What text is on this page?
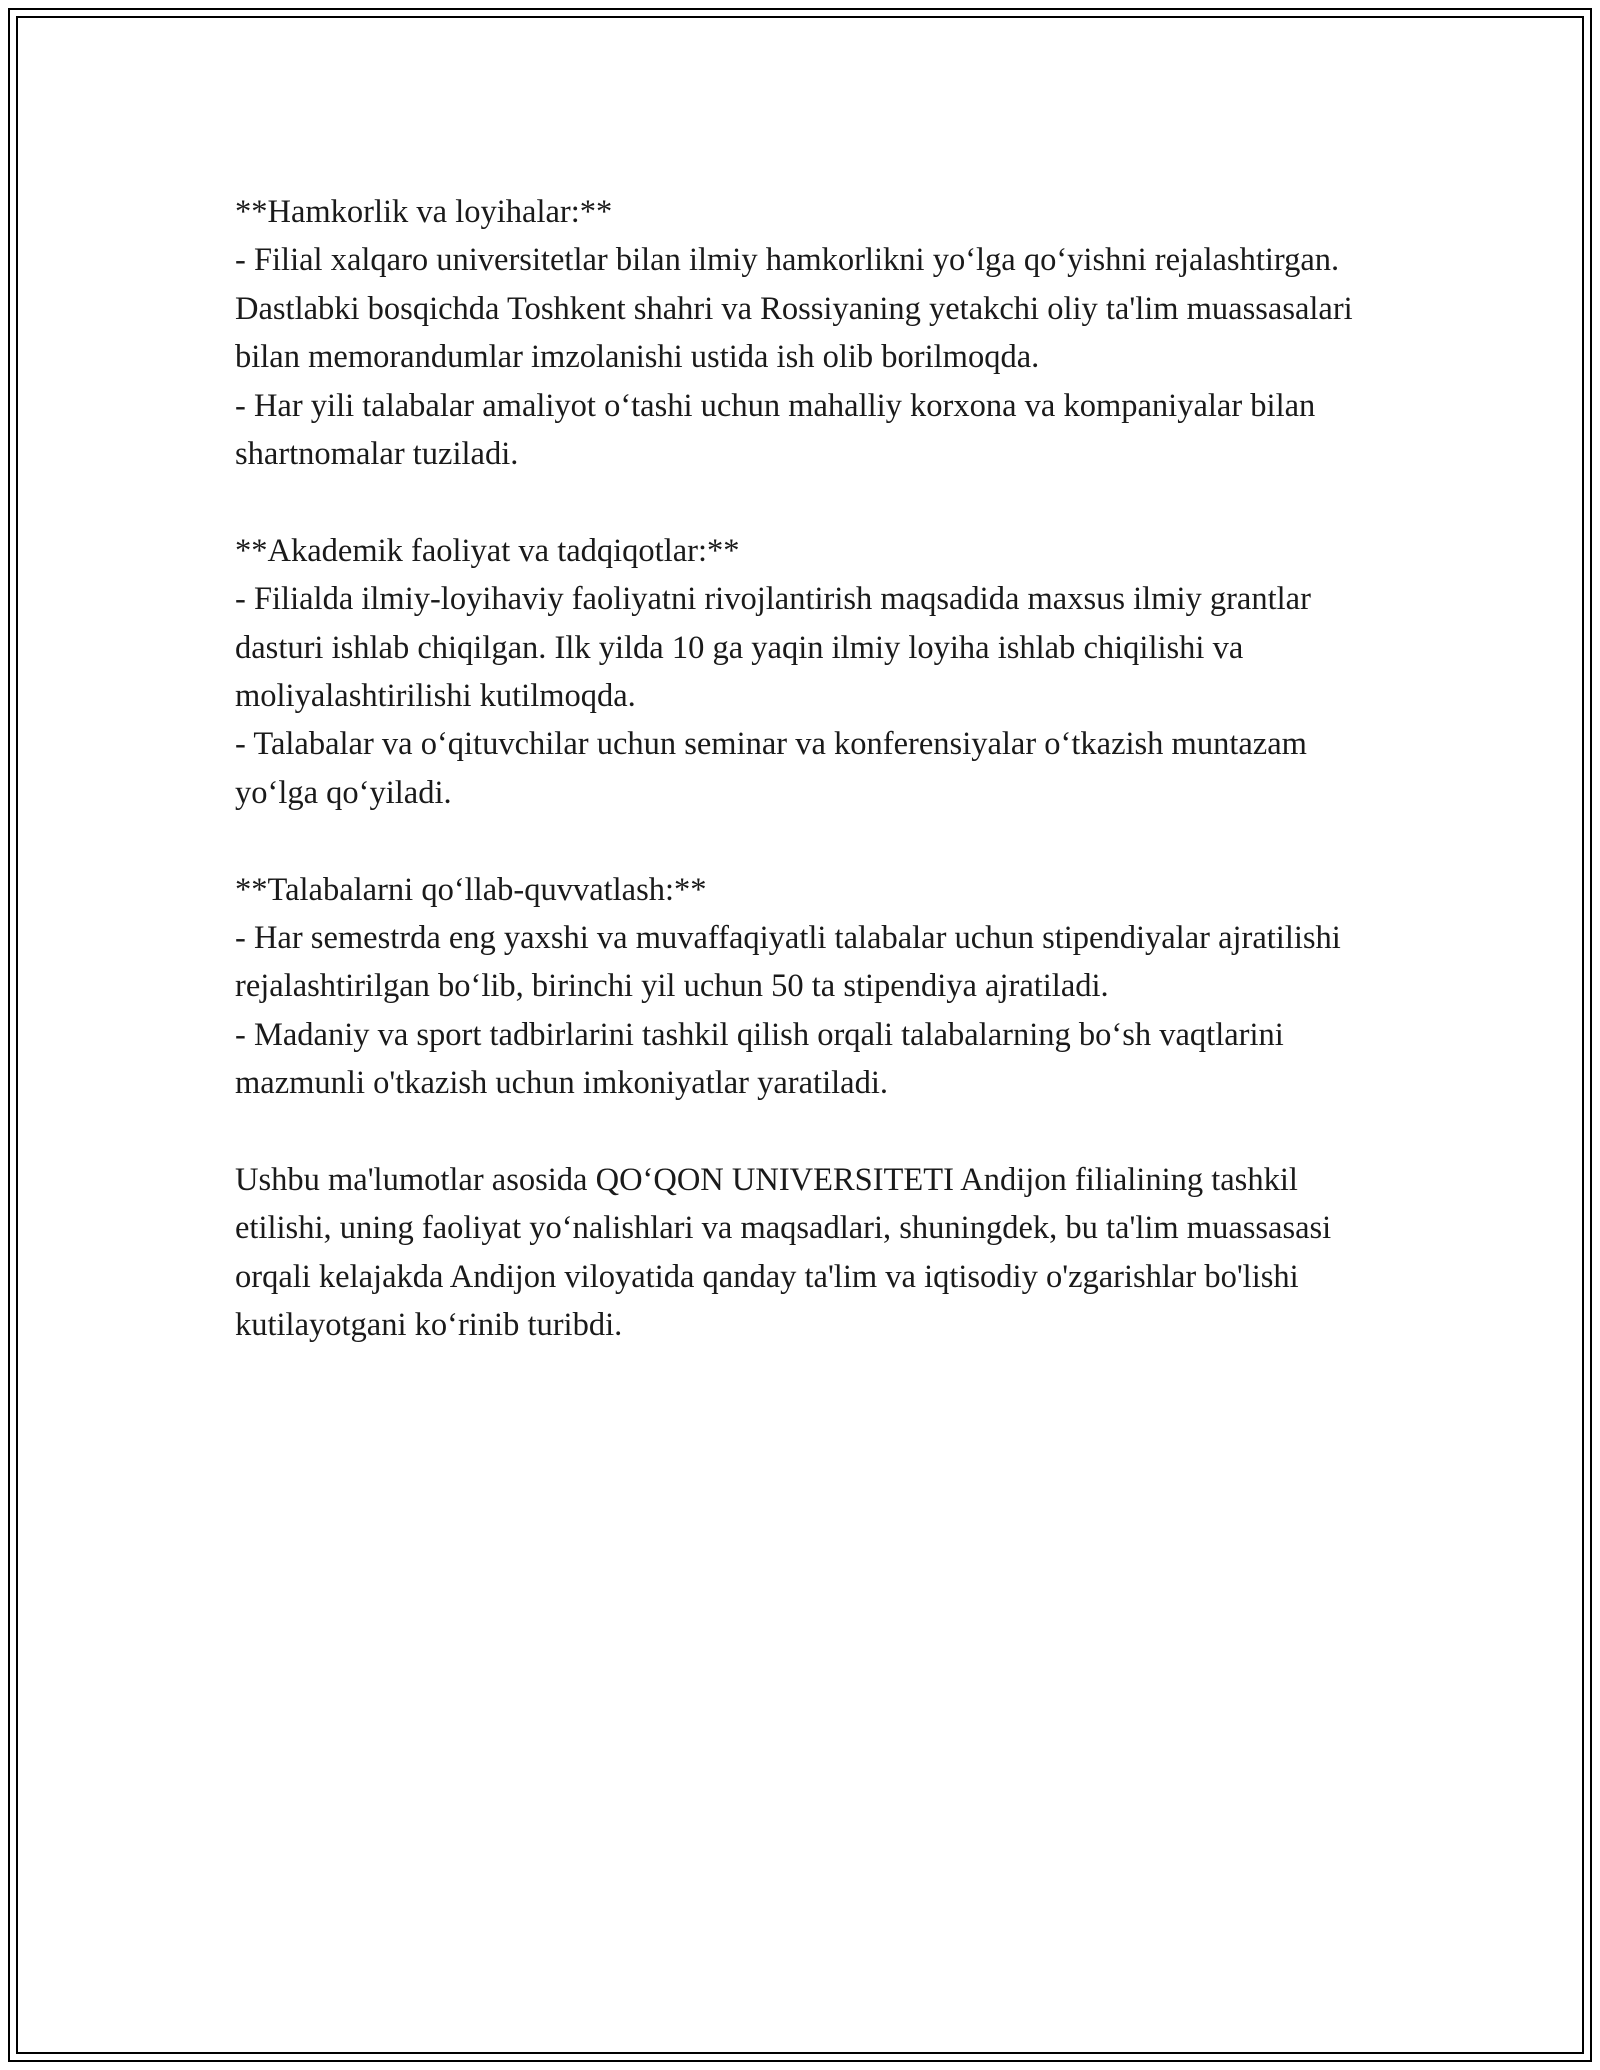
**Hamkorlik va loyihalar:**

- Filial xalqaro universitetlar bilan ilmiy hamkorlikni yo‘lga qo‘yishni rejalashtirgan. Dastlabki bosqichda Toshkent shahri va Rossiyaning yetakchi oliy ta'lim muassasalari bilan memorandumlar imzolanishi ustida ish olib borilmoqda.

- Har yili talabalar amaliyot o‘tashi uchun mahalliy korxona va kompaniyalar bilan shartnomalar tuziladi.

**Akademik faoliyat va tadqiqotlar:**

- Filialda ilmiy-loyihaviy faoliyatni rivojlantirish maqsadida maxsus ilmiy grantlar dasturi ishlab chiqilgan. Ilk yilda 10 ga yaqin ilmiy loyiha ishlab chiqilishi va moliyalashtirilishi kutilmoqda.

- Talabalar va o‘qituvchilar uchun seminar va konferensiyalar o‘tkazish muntazam yo‘lga qo‘yiladi.

**Talabalarni qo‘llab-quvvatlash:**

- Har semestrda eng yaxshi va muvaffaqiyatli talabalar uchun stipendiyalar ajratilishi rejalashtirilgan bo‘lib, birinchi yil uchun 50 ta stipendiya ajratiladi.

- Madaniy va sport tadbirlarini tashkil qilish orqali talabalarning bo‘sh vaqtlarini mazmunli o'tkazish uchun imkoniyatlar yaratiladi.

Ushbu ma'lumotlar asosida QO‘QON UNIVERSITETI Andijon filialining tashkil etilishi, uning faoliyat yo‘nalishlari va maqsadlari, shuningdek, bu ta'lim muassasasi orqali kelajakda Andijon viloyatida qanday ta'lim va iqtisodiy o'zgarishlar bo'lishi kutilayotgani ko‘rinib turibdi.
